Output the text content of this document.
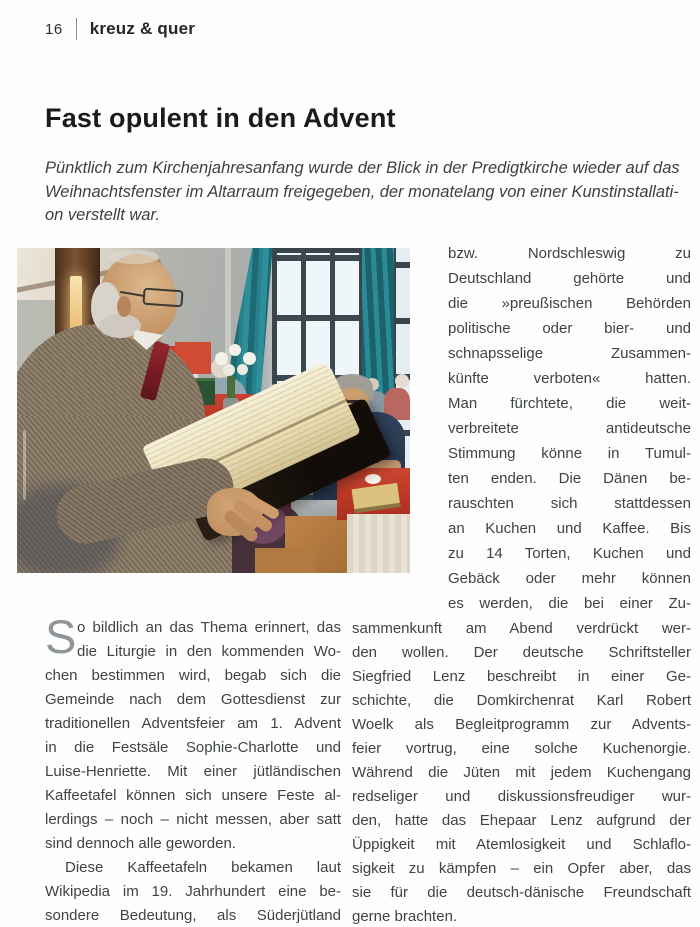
16 kreuz & quer
Fast opulent in den Advent
Pünktlich zum Kirchenjahresanfang wurde der Blick in der Predigtkirche wieder auf das
Weihnachtsfenster im Altarraum freigegeben, der monatelang von einer Kunstinstallati-
on verstellt war.
bzw. Nordschleswig zu
Deutschland gehörte und
die »preußischen Behörden
politische oder bier- und
schnapsselige Zusammen-
künfte verboten« hatten.
Man fürchtete, die weit-
verbreitete antideutsche
Stimmung könne in Tumul-
ten enden. Die Dänen be-
rauschten sich stattdessen
an Kuchen und Kaffee. Bis
zu 14 Torten, Kuchen und
Gebäck oder mehr können
es werden, die bei einer Zu-
S o bildlich an das Thema erinnert, das
die Liturgie in den kommenden Wo-
chen bestimmen wird, begab sich die
Gemeinde nach dem Gottesdienst zur
traditionellen Adventsfeier am 1. Advent
in die Festsäle Sophie-Charlotte und
Luise-Henriette. Mit einer jütländischen
Kaffeetafel können sich unsere Feste al-
lerdings – noch – nicht messen, aber satt
sind dennoch alle geworden.
Diese Kaffeetafeln bekamen laut
Wikipedia im 19. Jahrhundert eine be-
sondere Bedeutung, als Süderjütland
sammenkunft am Abend verdrückt wer-
den wollen. Der deutsche Schriftsteller
Siegfried Lenz beschreibt in einer Ge-
schichte, die Domkirchenrat Karl Robert
Woelk als Begleitprogramm zur Advents-
feier vortrug, eine solche Kuchenorgie.
Während die Jüten mit jedem Kuchengang
redseliger und diskussionsfreudiger wur-
den, hatte das Ehepaar Lenz aufgrund der
Üppigkeit mit Atemlosigkeit und Schlaflo-
sigkeit zu kämpfen – ein Opfer aber, das
sie für die deutsch-dänische Freundschaft
gerne brachten.
